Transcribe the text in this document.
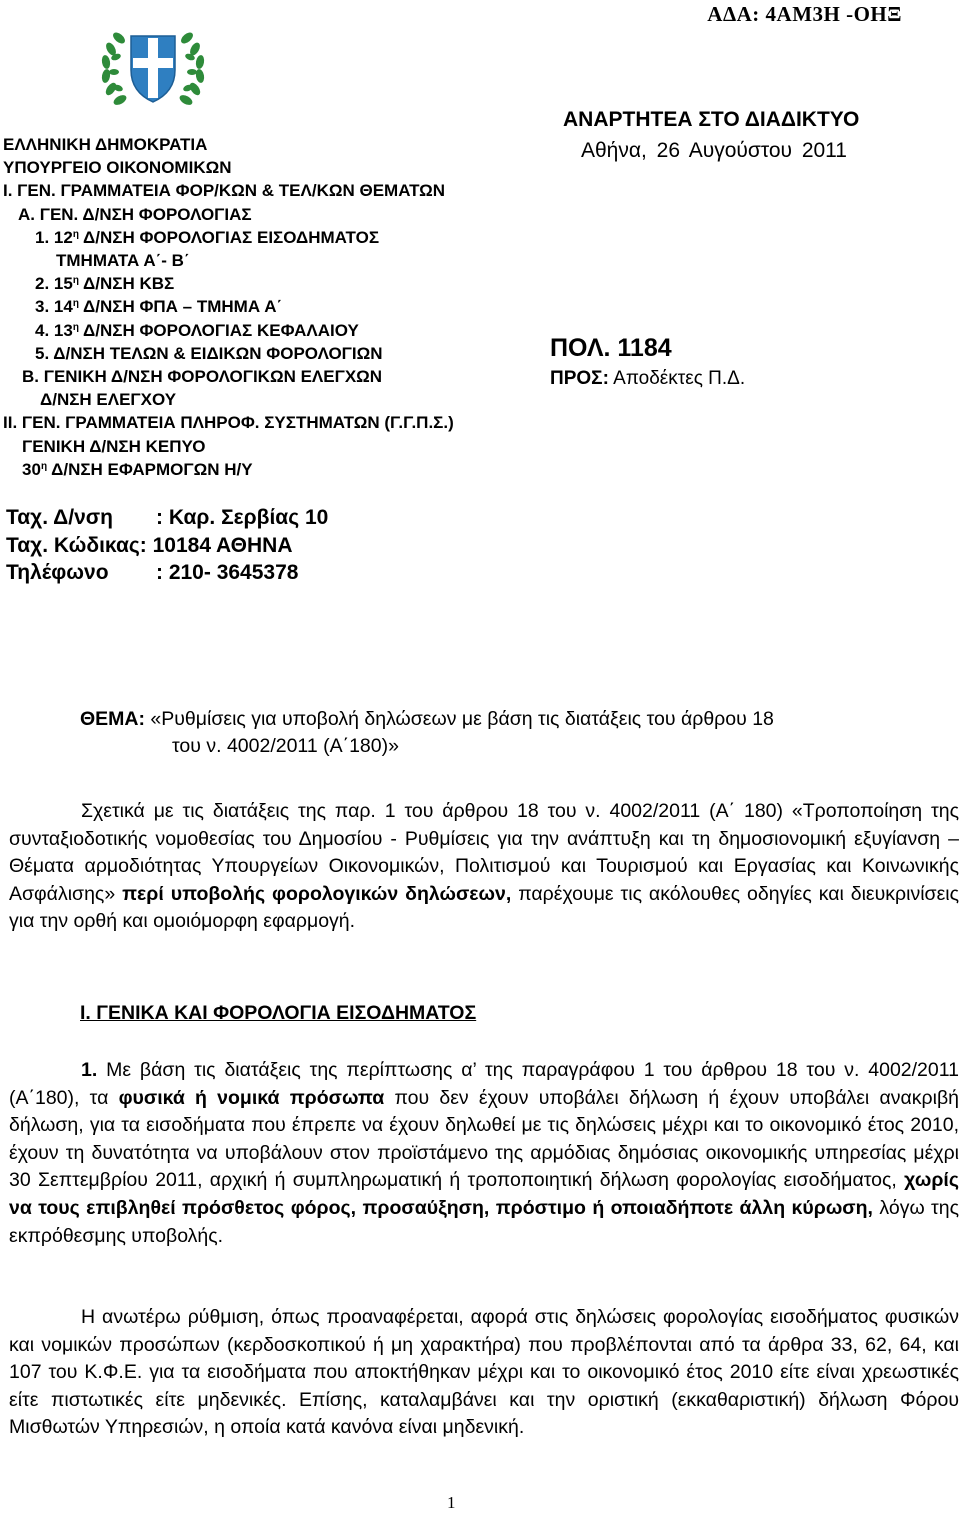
ΑΔΑ: 4ΑΜ3Η -ΟΗΞ
ΕΛΛΗΝΙΚΗ ΔΗΜΟΚΡΑΤΙΑ
ΥΠΟΥΡΓΕΙΟ ΟΙΚΟΝΟΜΙΚΩΝ
Ι. ΓΕΝ. ΓΡΑΜΜΑΤΕΙΑ ΦΟΡ/ΚΩΝ & ΤΕΛ/ΚΩΝ ΘΕΜΑΤΩΝ
Α. ΓΕΝ. Δ/ΝΣΗ ΦΟΡΟΛΟΓΙΑΣ
1. $12^\eta$ Δ/ΝΣΗ ΦΟΡΟΛΟΓΙΑΣ ΕΙΣΟΔΗΜΑΤΟΣ
ΤΜΗΜΑΤΑ Α΄- Β΄
2. $15^\eta$ Δ/ΝΣΗ ΚΒΣ
3. $14^\eta$ Δ/ΝΣΗ ΦΠΑ – ΤΜΗΜΑ Α΄
4. $13^\eta$ Δ/ΝΣΗ ΦΟΡΟΛΟΓΙΑΣ ΚΕΦΑΛΑΙΟΥ
5. Δ/ΝΣΗ ΤΕΛΩΝ & ΕΙΔΙΚΩΝ ΦΟΡΟΛΟΓΙΩΝ
Β. ΓΕΝΙΚΗ Δ/ΝΣΗ ΦΟΡΟΛΟΓΙΚΩΝ ΕΛΕΓΧΩΝ
Δ/ΝΣΗ ΕΛΕΓΧΟΥ
ΙΙ. ΓΕΝ. ΓΡΑΜΜΑΤΕΙΑ ΠΛΗΡΟΦ. ΣΥΣΤΗΜΑΤΩΝ (Γ.Γ.Π.Σ.)
ΓΕΝΙΚΗ Δ/ΝΣΗ ΚΕΠΥΟ
$30^\eta$ Δ/ΝΣΗ ΕΦΑΡΜΟΓΩΝ Η/Υ
ΑΝΑΡΤΗΤΕΑ ΣΤΟ ΔΙΑΔΙΚΤΥΟ
Αθήνα, 26 Αυγούστου 2011
ΠΟΛ. 1184
ΠΡΟΣ: Αποδέκτες Π.Δ.
Ταχ. Δ/νση : Καρ. Σερβίας 10
Ταχ. Κώδικας: 10184 ΑΘΗΝΑ
Τηλέφωνο : 210- 3645378
ΘΕΜΑ: «Ρυθμίσεις για υποβολή δηλώσεων με βάση τις διατάξεις του άρθρου 18
του ν. 4002/2011 (Α΄180)»
Σχετικά με τις διατάξεις της παρ. 1 του άρθρου 18 του ν. 4002/2011 (Α΄ 180) «Τροποποίηση της συνταξιοδοτικής νομοθεσίας του Δημοσίου - Ρυθμίσεις για την ανάπτυξη και τη δημοσιονομική εξυγίανση – Θέματα αρμοδιότητας Υπουργείων Οικονομικών, Πολιτισμού και Τουρισμού και Εργασίας και Κοινωνικής Ασφάλισης» περί υποβολής φορολογικών δηλώσεων, παρέχουμε τις ακόλουθες οδηγίες και διευκρινίσεις για την ορθή και ομοιόμορφη εφαρμογή.
Ι. ΓΕΝΙΚΑ ΚΑΙ ΦΟΡΟΛΟΓΙΑ ΕΙΣΟΔΗΜΑΤΟΣ
1. Με βάση τις διατάξεις της περίπτωσης α’ της παραγράφου 1 του άρθρου 18 του ν. 4002/2011 (Α΄180), τα φυσικά ή νομικά πρόσωπα που δεν έχουν υποβάλει δήλωση ή έχουν υποβάλει ανακριβή δήλωση, για τα εισοδήματα που έπρεπε να έχουν δηλωθεί με τις δηλώσεις μέχρι και το οικονομικό έτος 2010, έχουν τη δυνατότητα να υποβάλουν στον προϊστάμενο της αρμόδιας δημόσιας οικονομικής υπηρεσίας μέχρι 30 Σεπτεμβρίου 2011, αρχική ή συμπληρωματική ή τροποποιητική δήλωση φορολογίας εισοδήματος, χωρίς να τους επιβληθεί πρόσθετος φόρος, προσαύξηση, πρόστιμο ή οποιαδήποτε άλλη κύρωση, λόγω της εκπρόθεσμης υποβολής.
Η ανωτέρω ρύθμιση, όπως προαναφέρεται, αφορά στις δηλώσεις φορολογίας εισοδήματος φυσικών και νομικών προσώπων (κερδοσκοπικού ή μη χαρακτήρα) που προβλέπονται από τα άρθρα 33, 62, 64, και 107 του Κ.Φ.Ε. για τα εισοδήματα που αποκτήθηκαν μέχρι και το οικονομικό έτος 2010 είτε είναι χρεωστικές είτε πιστωτικές είτε μηδενικές. Επίσης, καταλαμβάνει και την οριστική (εκκαθαριστική) δήλωση Φόρου Μισθωτών Υπηρεσιών, η οποία κατά κανόνα είναι μηδενική.
1
